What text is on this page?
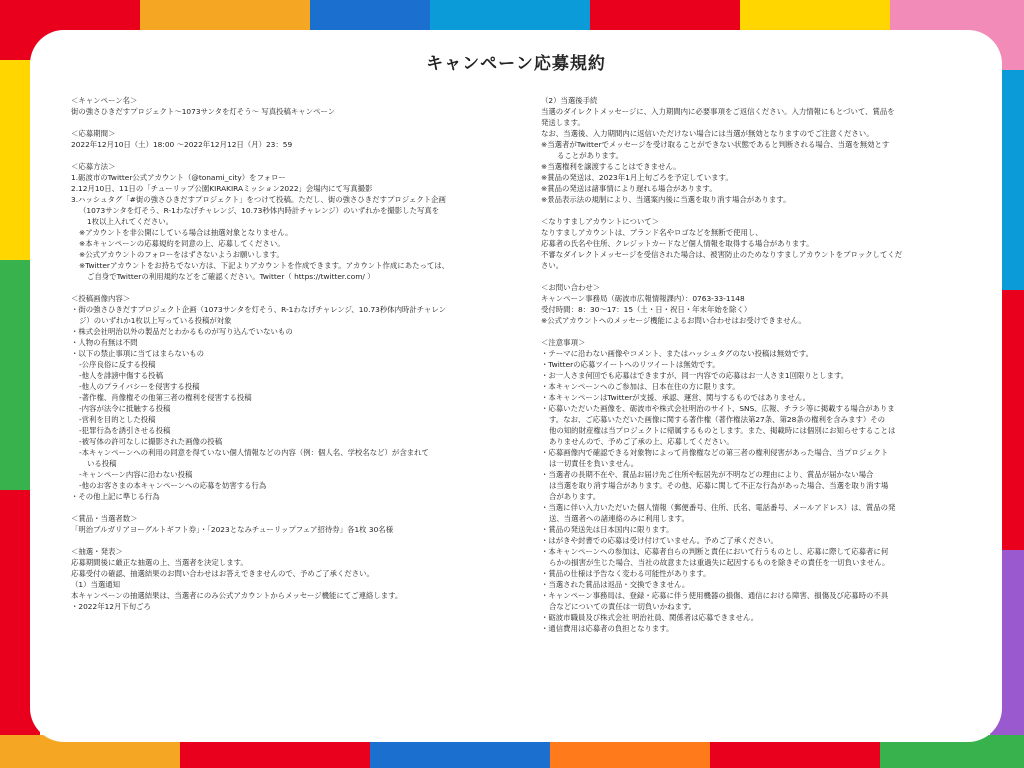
キャンペーン応募規約
＜キャンペーン名＞
街の強さひきだすプロジェクト～1073サンタを灯そう～ 写真投稿キャンペーン
＜応募期間＞
2022年12月10日（土）18:00 ～2022年12月12日（月）23：59
＜応募方法＞
1.砺波市のTwitter公式アカウント（@tonami_city）をフォロー
2.12月10日、11日の「チューリップ公園KIRAKIRAミッション2022」会場内にて写真撮影
3.ハッシュタグ「#街の強さひきだすプロジェクト」をつけて投稿。ただし、街の強さひきだすプロジェクト企画
（1073サンタを灯そう、R-1わなげチャレンジ、10.73秒体内時計チャレンジ）のいずれかを撮影した写真を
1枚以上入れてください。
※アカウントを非公開にしている場合は抽選対象となりません。
※本キャンペーンの応募規約を同意の上、応募してください。
※公式アカウントのフォローをはずさないようお願いします。
※Twitterアカウントをお持ちでない方は、下記よりアカウントを作成できます。アカウント作成にあたっては、
ご自身でTwitterの利用規約などをご確認ください。Twitter（ https://twitter.com/ ）
＜投稿画像内容＞
・街の強さひきだすプロジェクト企画（1073サンタを灯そう、R-1わなげチャレンジ、10.73秒体内時計チャレン
ジ）のいずれか1枚以上写っている投稿が対象
・株式会社明治以外の製品だとわかるものが写り込んでいないもの
・人物の有無は不問
・以下の禁止事項に当てはまらないもの
-公序良俗に反する投稿
-他人を誹謗中傷する投稿
-他人のプライバシーを侵害する投稿
-著作権、肖像権その他第三者の権利を侵害する投稿
-内容が法令に抵触する投稿
-営利を目的とした投稿
-犯罪行為を誘引させる投稿
-被写体の許可なしに撮影された画像の投稿
-本キャンペーンへの利用の同意を得ていない個人情報などの内容（例：個人名、学校名など）が含まれて
いる投稿
-キャンペーン内容に沿わない投稿
-他のお客さまの本キャンペーンへの応募を妨害する行為
・その他上記に準じる行為
＜賞品・当選者数＞
「明治ブルガリアヨーグルトギフト券」・「2023となみチューリップフェア招待券」各1枚 30名様
＜抽選・発表＞
応募期間後に厳正な抽選の上、当選者を決定します。
応募受付の確認、抽選結果のお問い合わせはお答えできませんので、予めご了承ください。
（1）当選通知
本キャンペーンの抽選結果は、当選者にのみ公式アカウントからメッセージ機能にてご連絡します。
・2022年12月下旬ごろ
（2）当選後手続
当選のダイレクトメッセージに、入力期間内に必要事項をご返信ください。入力情報にもとづいて、賞品を
発送します。
なお、当選後、入力期間内に返信いただけない場合には当選が無効となりますのでご注意ください。
※当選者がTwitterでメッセージを受け取ることができない状態であると判断される場合、当選を無効とす
ることがあります。
※当選権利を譲渡することはできません。
※賞品の発送は、2023年1月上旬ごろを予定しています。
※賞品の発送は諸事情により遅れる場合があります。
※景品表示法の規制により、当選案内後に当選を取り消す場合があります。
＜なりすましアカウントについて＞
なりすましアカウントは、ブランド名やロゴなどを無断で使用し、
応募者の氏名や住所、クレジットカードなど個人情報を取得する場合があります。
不審なダイレクトメッセージを受信された場合は、被害防止のためなりすましアカウントをブロックしてくだ
さい。
＜お問い合わせ＞
キャンペーン事務局（砺波市広報情報課内）：0763-33-1148
受付時間：8：30～17：15（土・日・祝日・年末年始を除く）
※公式アカウントへのメッセージ機能によるお問い合わせはお受けできません。
＜注意事項＞
・テーマに沿わない画像やコメント、またはハッシュタグのない投稿は無効です。
・Twitterの応募ツイートへのリツイートは無効です。
・お一人さま何回でも応募はできますが、同一内容での応募はお一人さま1回限りとします。
・本キャンペーンへのご参加は、日本在住の方に限ります。
・本キャンペーンはTwitterが支援、承認、運営、関与するものではありません。
・応募いただいた画像を、砺波市や株式会社明治のサイト、SNS、広報、チラシ等に掲載する場合がありま
す。なお、ご応募いただいた画像に関する著作権（著作権法第27条、第28条の権利を含みます）その
他の知的財産権は当プロジェクトに帰属するものとします。また、掲載時には個別にお知らせすることは
ありませんので、予めご了承の上、応募してください。
・応募画像内で確認できる対象物によって肖像権などの第三者の権利侵害があった場合、当プロジェクト
は一切責任を負いません。
・当選者の長期不在や、賞品お届け先ご住所や転居先が不明などの理由により、賞品が届かない場合
は当選を取り消す場合があります。その他、応募に関して不正な行為があった場合、当選を取り消す場
合があります。
・当選に伴い入力いただいた個人情報（郵便番号、住所、氏名、電話番号、メールアドレス）は、賞品の発
送、当選者への諸連絡のみに利用します。
・賞品の発送先は日本国内に限ります。
・はがきや封書での応募は受け付けていません。予めご了承ください。
・本キャンペーンへの参加は、応募者自らの判断と責任において行うものとし、応募に際して応募者に何
らかの損害が生じた場合、当社の故意または重過失に起因するものを除きその責任を一切負いません。
・賞品の仕様は予告なく変わる可能性があります。
・当選された賞品は返品・交換できません。
・キャンペーン事務局は、登録・応募に伴う使用機器の損傷、通信における障害、損傷及び応募時の不具
合などについての責任は一切負いかねます。
・砺波市職員及び株式会社 明治社員、関係者は応募できません。
・通信費用は応募者の負担となります。
